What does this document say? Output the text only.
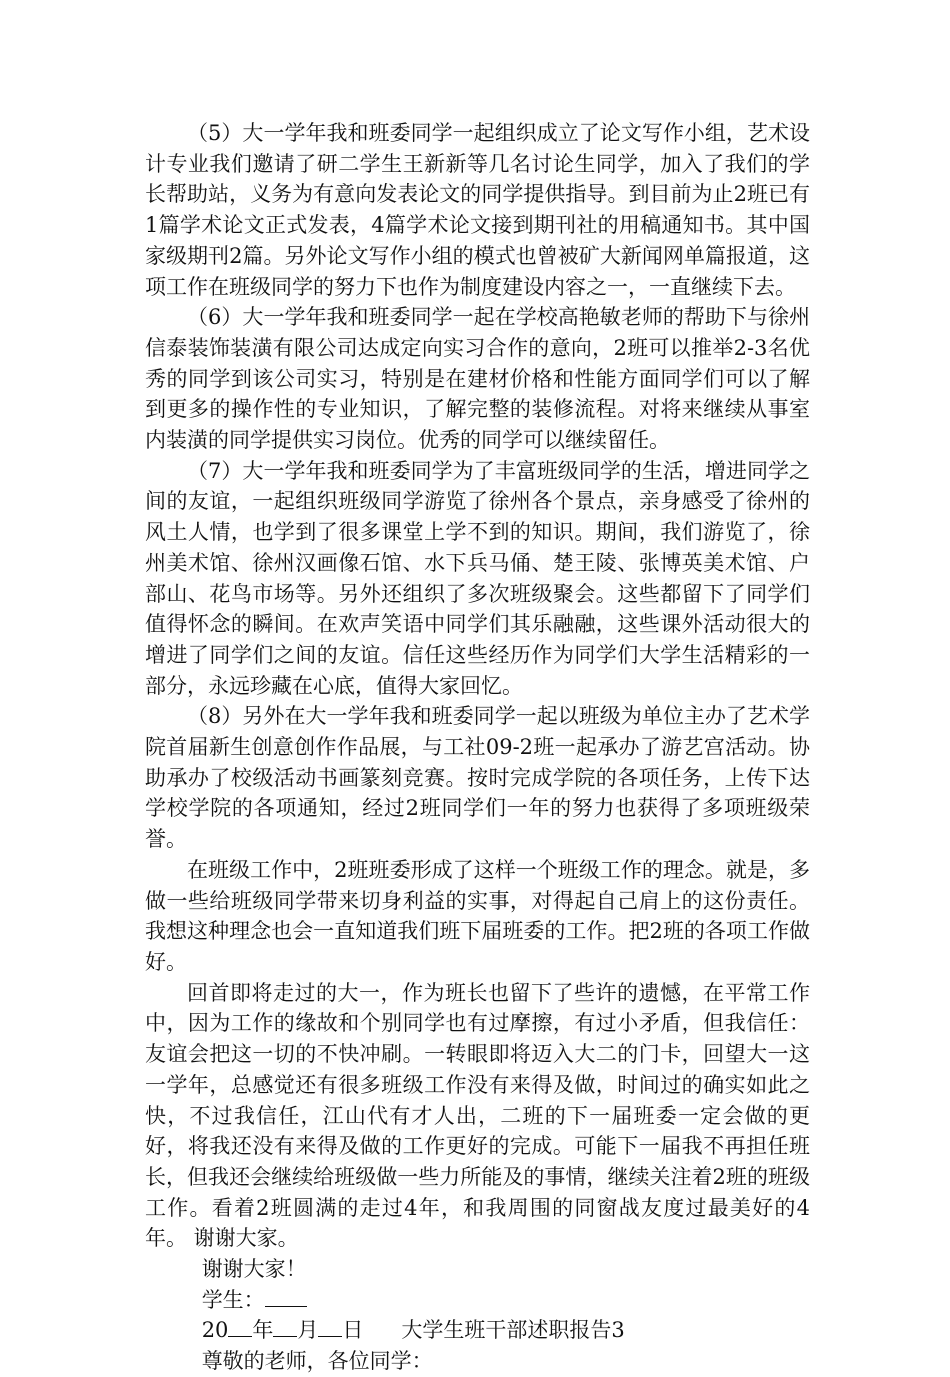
（5）大一学年我和班委同学一起组织成立了论文写作小组，艺术设计专业我们邀请了研二学生王新新等几名讨论生同学，加入了我们的学长帮助站，义务为有意向发表论文的同学提供指导。到目前为止2班已有1篇学术论文正式发表，4篇学术论文接到期刊社的用稿通知书。其中国家级期刊2篇。另外论文写作小组的模式也曾被矿大新闻网单篇报道，这项工作在班级同学的努力下也作为制度建设内容之一，一直继续下去。

（6）大一学年我和班委同学一起在学校高艳敏老师的帮助下与徐州信泰装饰装潢有限公司达成定向实习合作的意向，2班可以推举2-3名优秀的同学到该公司实习，特别是在建材价格和性能方面同学们可以了解到更多的操作性的专业知识，了解完整的装修流程。对将来继续从事室内装潢的同学提供实习岗位。优秀的同学可以继续留任。

（7）大一学年我和班委同学为了丰富班级同学的生活，增进同学之间的友谊，一起组织班级同学游览了徐州各个景点，亲身感受了徐州的风土人情，也学到了很多课堂上学不到的知识。期间，我们游览了，徐州美术馆、徐州汉画像石馆、水下兵马俑、楚王陵、张博英美术馆、户部山、花鸟市场等。另外还组织了多次班级聚会。这些都留下了同学们值得怀念的瞬间。在欢声笑语中同学们其乐融融，这些课外活动很大的增进了同学们之间的友谊。信任这些经历作为同学们大学生活精彩的一部分，永远珍藏在心底，值得大家回忆。

（8）另外在大一学年我和班委同学一起以班级为单位主办了艺术学院首届新生创意创作作品展，与工社09-2班一起承办了游艺宫活动。协助承办了校级活动书画篆刻竞赛。按时完成学院的各项任务，上传下达学校学院的各项通知，经过2班同学们一年的努力也获得了多项班级荣誉。

在班级工作中，2班班委形成了这样一个班级工作的理念。就是，多做一些给班级同学带来切身利益的实事，对得起自己肩上的这份责任。我想这种理念也会一直知道我们班下届班委的工作。把2班的各项工作做好。

回首即将走过的大一，作为班长也留下了些许的遗憾，在平常工作中，因为工作的缘故和个别同学也有过摩擦，有过小矛盾，但我信任：友谊会把这一切的不快冲刷。一转眼即将迈入大二的门卡，回望大一这一学年，总感觉还有很多班级工作没有来得及做，时间过的确实如此之快，不过我信任，江山代有才人出，二班的下一届班委一定会做的更好，将我还没有来得及做的工作更好的完成。可能下一届我不再担任班长，但我还会继续给班级做一些力所能及的事情，继续关注着2班的班级工作。看着2班圆满的走过4年，和我周围的同窗战友度过最美好的4年。 谢谢大家。

谢谢大家！

学生：

20 年 月 日 大学生班干部述职报告3

尊敬的老师，各位同学：
